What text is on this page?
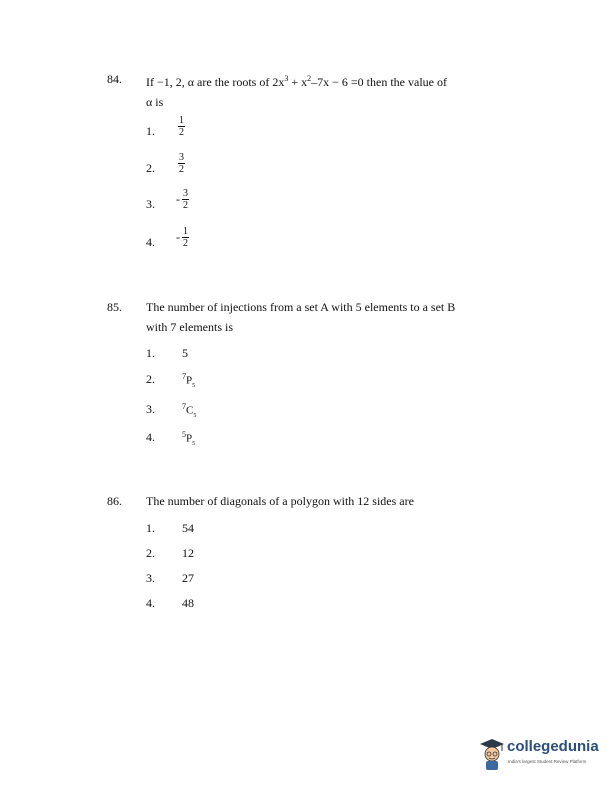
84. If −1, 2, α are the roots of $2x^3 + x^2-7x - 6 =0$ then the value of
α is
1.
1
2
2.
3
2
3. - 3
2
4. - 1
2
85. The number of injections from a set A with 5 elements to a set B
with 7 elements is
1. 5
2.	$^7P_5$
3.	$^7C_5$
4.	$^5P_5$
86. The number of diagonals of a polygon with 12 sides are
1. 54
2. 12
3. 27
4. 48
collegedunia
India's largest Student Review Platform
